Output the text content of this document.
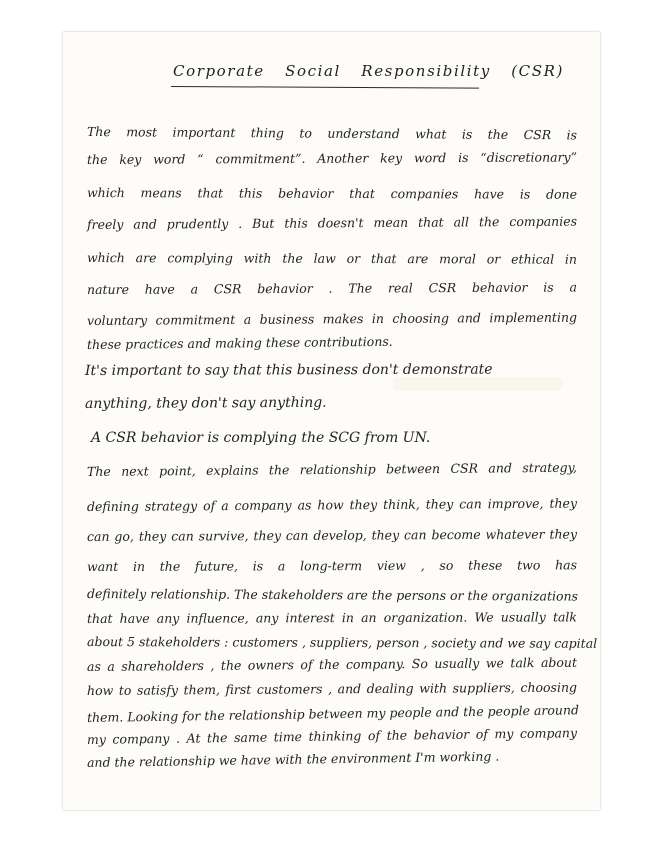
Corporate Social Responsibility (CSR)
The most important thing to understand what is the CSR is
the key word “ commitment”. Another key word is “discretionary”
which means that this behavior that companies have is done
freely and prudently . But this doesn't mean that all the companies
which are complying with the law or that are moral or ethical in
nature have a CSR behavior . The real CSR behavior is a
voluntary commitment a business makes in choosing and implementing
these practices and making these contributions.
It's important to say that this business don't demonstrate
anything, they don't say anything.
A CSR behavior is complying the SCG from UN.
The next point, explains the relationship between CSR and strategy,
defining strategy of a company as how they think, they can improve, they
can go, they can survive, they can develop, they can become whatever they
want in the future, is a long-term view , so these two has
definitely relationship. The stakeholders are the persons or the organizations
that have any influence, any interest in an organization. We usually talk
about 5 stakeholders : customers , suppliers, person , society and we say capital
as a shareholders , the owners of the company. So usually we talk about
how to satisfy them, first customers , and dealing with suppliers, choosing
them. Looking for the relationship between my people and the people around
my company . At the same time thinking of the behavior of my company
and the relationship we have with the environment I'm working .
